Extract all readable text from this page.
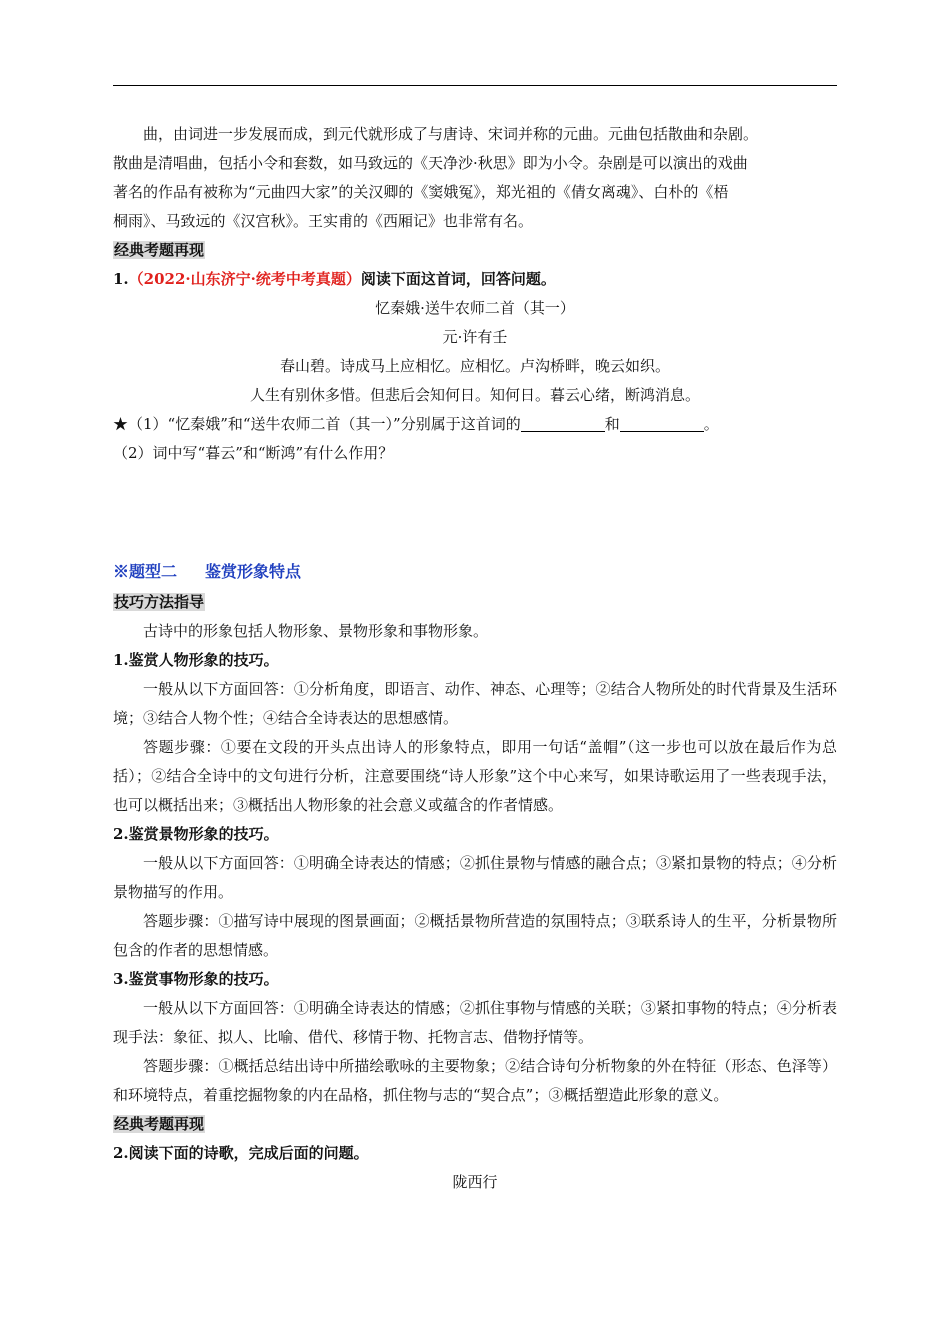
曲，由词进一步发展而成，到元代就形成了与唐诗、宋词并称的元曲。元曲包括散曲和杂剧。
散曲是清唱曲，包括小令和套数，如马致远的《天净沙·秋思》即为小令。杂剧是可以演出的戏曲
著名的作品有被称为“元曲四大家”的关汉卿的《窦娥冤》，郑光祖的《倩女离魂》、白朴的《梧
桐雨》、马致远的《汉宫秋》。王实甫的《西厢记》也非常有名。
经典考题再现
1.（2022·山东济宁·统考中考真题）阅读下面这首词，回答问题。
忆秦娥·送牛农师二首（其一）
元·许有壬
春山碧。诗成马上应相忆。应相忆。卢沟桥畔，晚云如织。
人生有别休多惜。但悲后会知何日。知何日。暮云心绪，断鸿消息。
★（1）“忆秦娥”和“送牛农师二首（其一）”分别属于这首词的	和	。
（2）词中写“暮云”和“断鸿”有什么作用？
※题型二 鉴赏形象特点
技巧方法指导
古诗中的形象包括人物形象、景物形象和事物形象。
1.鉴赏人物形象的技巧。
一般从以下方面回答：①分析角度，即语言、动作、神态、心理等；②结合人物所处的时代背景及生活环境；③结合人物个性；④结合全诗表达的思想感情。
答题步骤：①要在文段的开头点出诗人的形象特点，即用一句话“盖帽”（这一步也可以放在最后作为总括）；②结合全诗中的文句进行分析，注意要围绕“诗人形象”这个中心来写，如果诗歌运用了一些表现手法，也可以概括出来；③概括出人物形象的社会意义或蕴含的作者情感。
2.鉴赏景物形象的技巧。
一般从以下方面回答：①明确全诗表达的情感；②抓住景物与情感的融合点；③紧扣景物的特点；④分析景物描写的作用。
答题步骤：①描写诗中展现的图景画面；②概括景物所营造的氛围特点；③联系诗人的生平，分析景物所包含的作者的思想情感。
3.鉴赏事物形象的技巧。
一般从以下方面回答：①明确全诗表达的情感；②抓住事物与情感的关联；③紧扣事物的特点；④分析表现手法：象征、拟人、比喻、借代、移情于物、托物言志、借物抒情等。
答题步骤：①概括总结出诗中所描绘歌咏的主要物象；②结合诗句分析物象的外在特征（形态、色泽等）和环境特点，着重挖掘物象的内在品格，抓住物与志的“契合点”；③概括塑造此形象的意义。
经典考题再现
2.阅读下面的诗歌，完成后面的问题。
陇西行
